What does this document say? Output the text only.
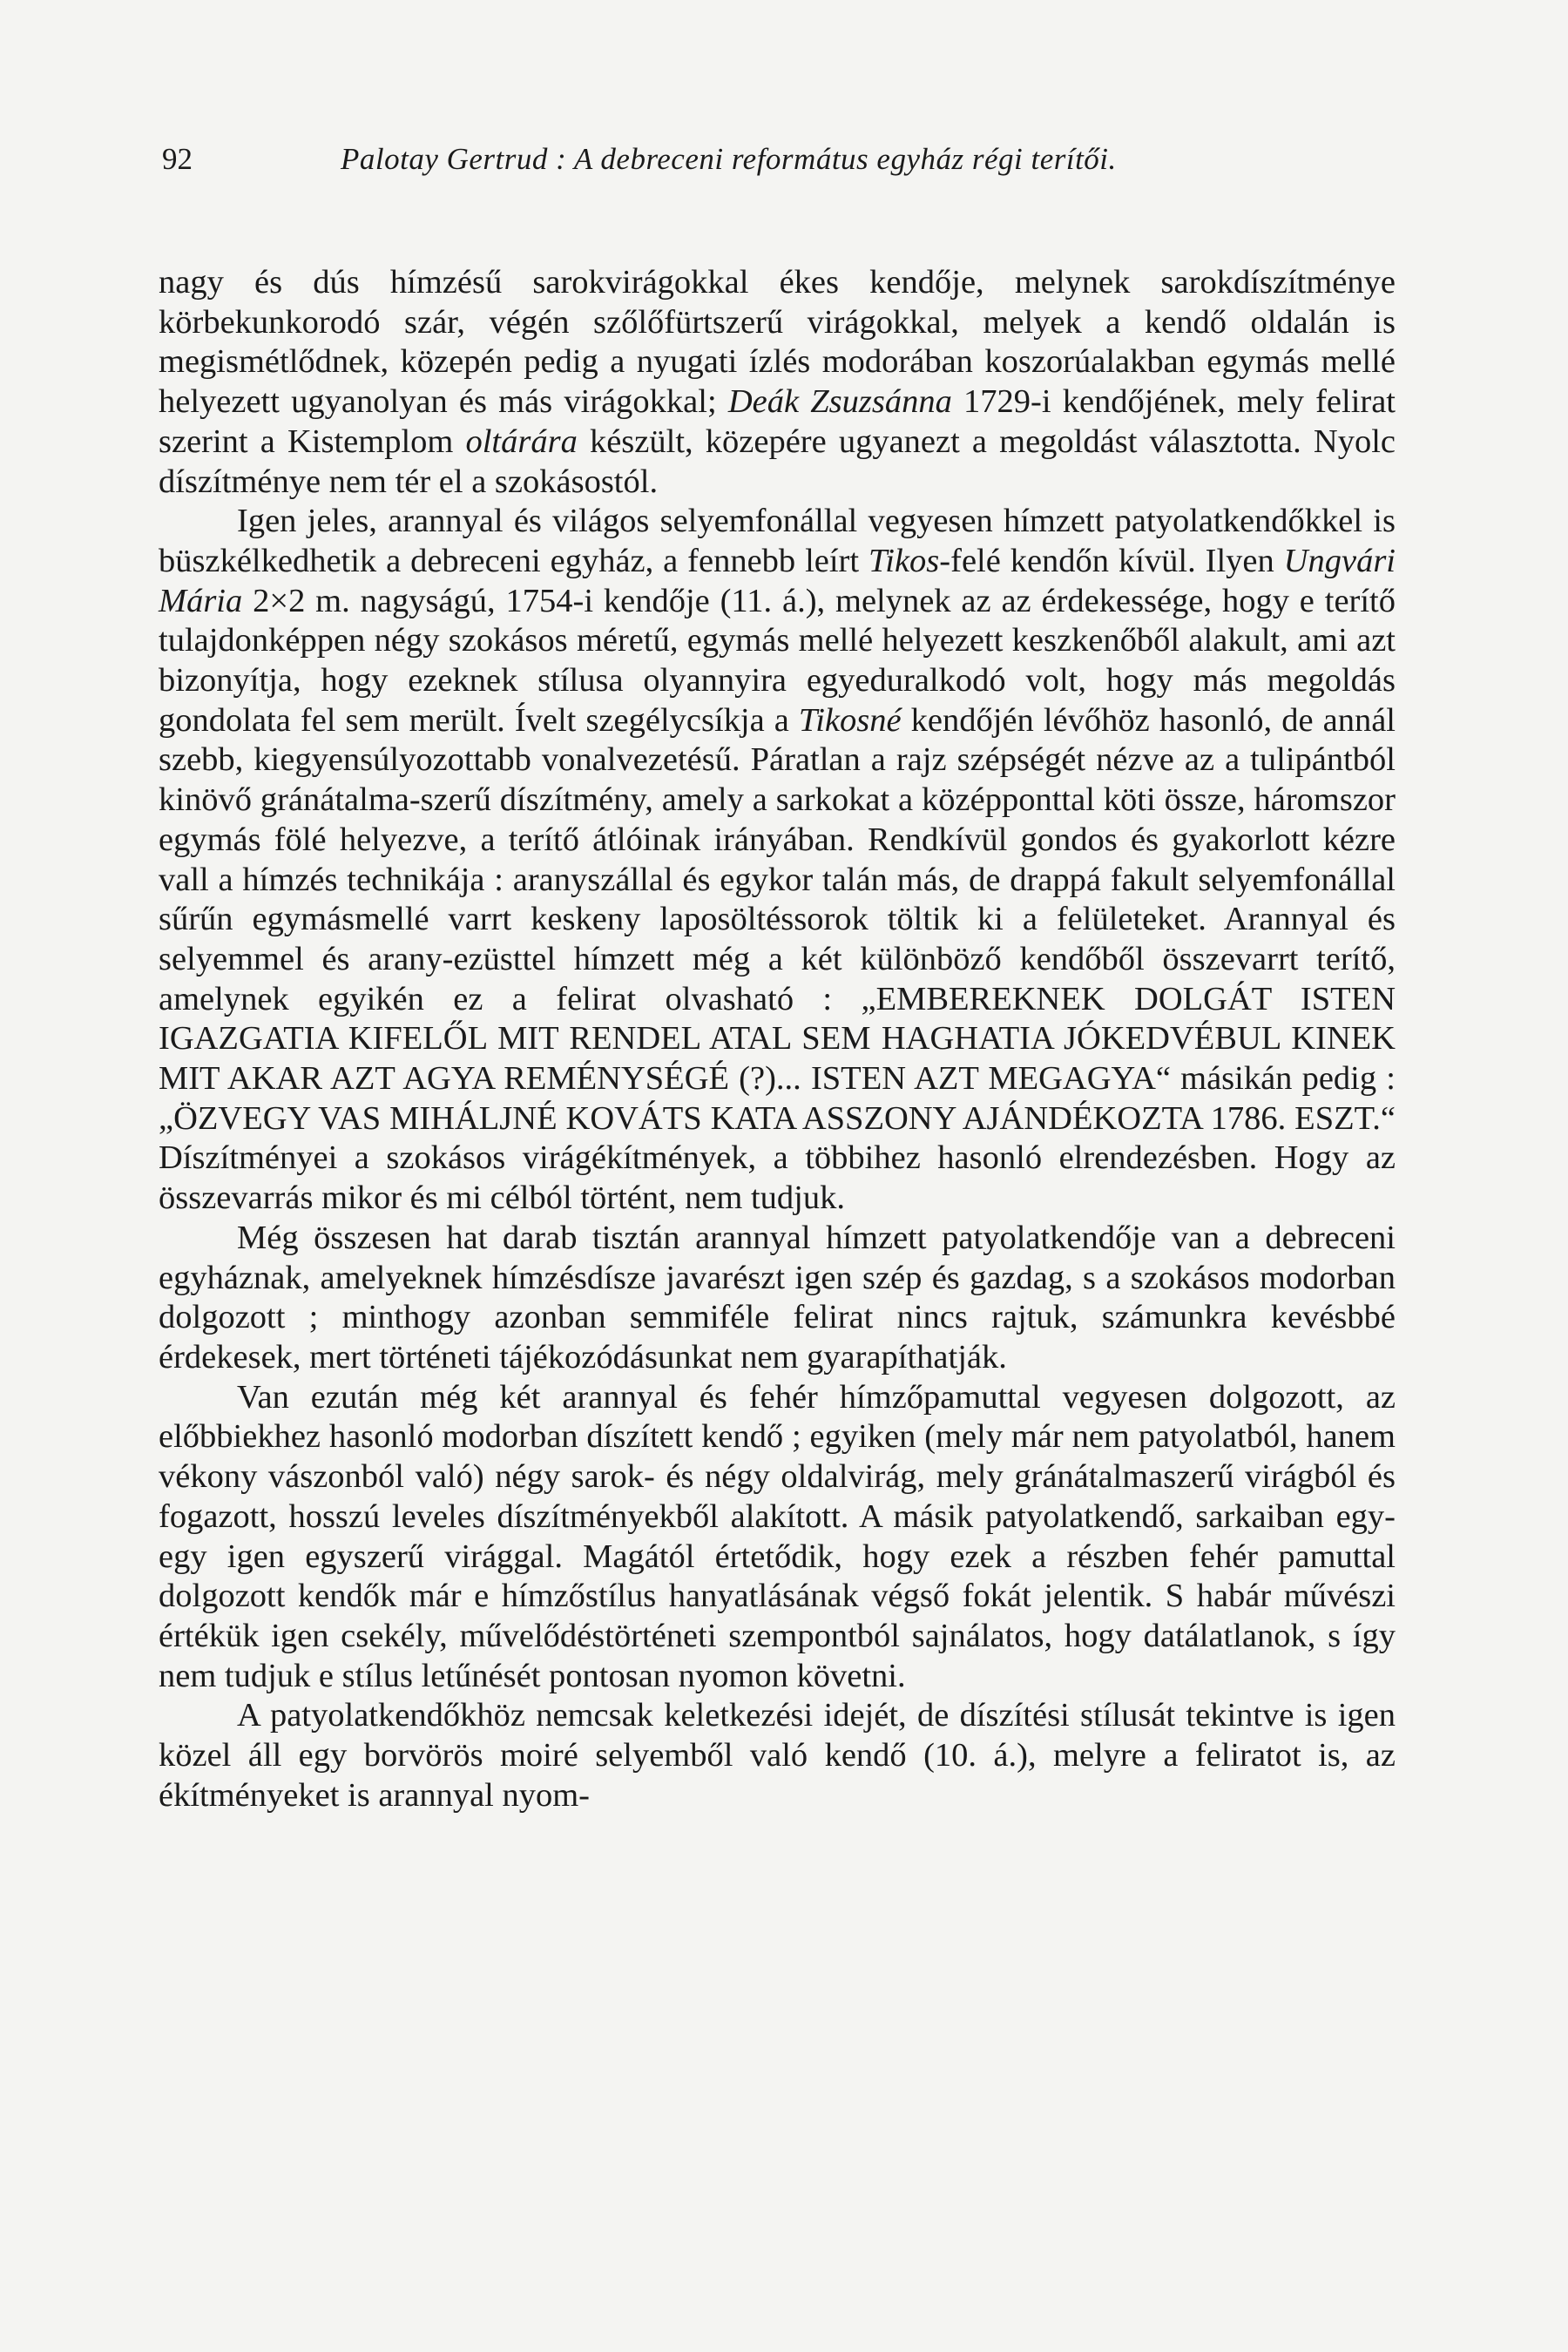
92	Palotay Gertrud : A debreceni református egyház régi terítői.

nagy és dús hímzésű sarokvirágokkal ékes kendője, melynek sarokdíszítménye körbekunkorodó szár, végén szőlőfürtszerű virágokkal, melyek a kendő oldalán is megismétlődnek, közepén pedig a nyugati ízlés modorában koszorúalakban egymás mellé helyezett ugyanolyan és más virágokkal; Deák Zsuzsánna 1729-i kendőjének, mely felirat szerint a Kistemplom oltárára készült, közepére ugyanezt a megoldást választotta. Nyolc díszítménye nem tér el a szokásostól.

Igen jeles, arannyal és világos selyemfonállal vegyesen hímzett patyolatkendőkkel is büszkélkedhetik a debreceni egyház, a fennebb leírt Tikos-felé kendőn kívül. Ilyen Ungvári Mária 2×2 m. nagyságú, 1754-i kendője (11. á.), melynek az az érdekessége, hogy e terítő tulajdonképpen négy szokásos méretű, egymás mellé helyezett keszkenőből alakult, ami azt bizonyítja, hogy ezeknek stílusa olyannyira egyeduralkodó volt, hogy más megoldás gondolata fel sem merült. Ívelt szegélycsíkja a Tikosné kendőjén lévőhöz hasonló, de annál szebb, kiegyensúlyozottabb vonalvezetésű. Páratlan a rajz szépségét nézve az a tulipántból kinövő gránátalma-szerű díszítmény, amely a sarkokat a középponttal köti össze, háromszor egymás fölé helyezve, a terítő átlóinak irányában. Rendkívül gondos és gyakorlott kézre vall a hímzés technikája : aranyszállal és egykor talán más, de drappá fakult selyemfonállal sűrűn egymásmellé varrt keskeny laposöltéssorok töltik ki a felületeket. Arannyal és selyemmel és arany-ezüsttel hímzett még a két különböző kendőből összevarrt terítő, amelynek egyikén ez a felirat olvasható : „EMBEREKNEK DOLGÁT ISTEN IGAZGATIA KIFELŐL MIT RENDEL ATAL SEM HAGHATIA JÓKEDVÉBUL KINEK MIT AKAR AZT AGYA REMÉNYSÉGÉ (?)... ISTEN AZT MEGAGYA“ másikán pedig : „ÖZVEGY VAS MIHÁLJNÉ KOVÁTS KATA ASSZONY AJÁNDÉKOZTA 1786. ESZT.“ Díszítményei a szokásos virágékítmények, a többihez hasonló elrendezésben. Hogy az összevarrás mikor és mi célból történt, nem tudjuk.

Még összesen hat darab tisztán arannyal hímzett patyolatkendője van a debreceni egyháznak, amelyeknek hímzésdísze javarészt igen szép és gazdag, s a szokásos modorban dolgozott ; minthogy azonban semmiféle felirat nincs rajtuk, számunkra kevésbbé érdekesek, mert történeti tájékozódásunkat nem gyarapíthatják.

Van ezután még két arannyal és fehér hímzőpamuttal vegyesen dolgozott, az előbbiekhez hasonló modorban díszített kendő ; egyiken (mely már nem patyolatból, hanem vékony vászonból való) négy sarok- és négy oldalvirág, mely gránátalmaszerű virágból és fogazott, hosszú leveles díszítményekből alakított. A másik patyolatkendő, sarkaiban egy-egy igen egyszerű virággal. Magától értetődik, hogy ezek a részben fehér pamuttal dolgozott kendők már e hímzőstílus hanyatlásának végső fokát jelentik. S habár művészi értékük igen csekély, művelődéstörténeti szempontból sajnálatos, hogy datálatlanok, s így nem tudjuk e stílus letűnését pontosan nyomon követni.

A patyolatkendőkhöz nemcsak keletkezési idejét, de díszítési stílusát tekintve is igen közel áll egy borvörös moiré selyemből való kendő (10. á.), melyre a feliratot is, az ékítményeket is arannyal nyom-
